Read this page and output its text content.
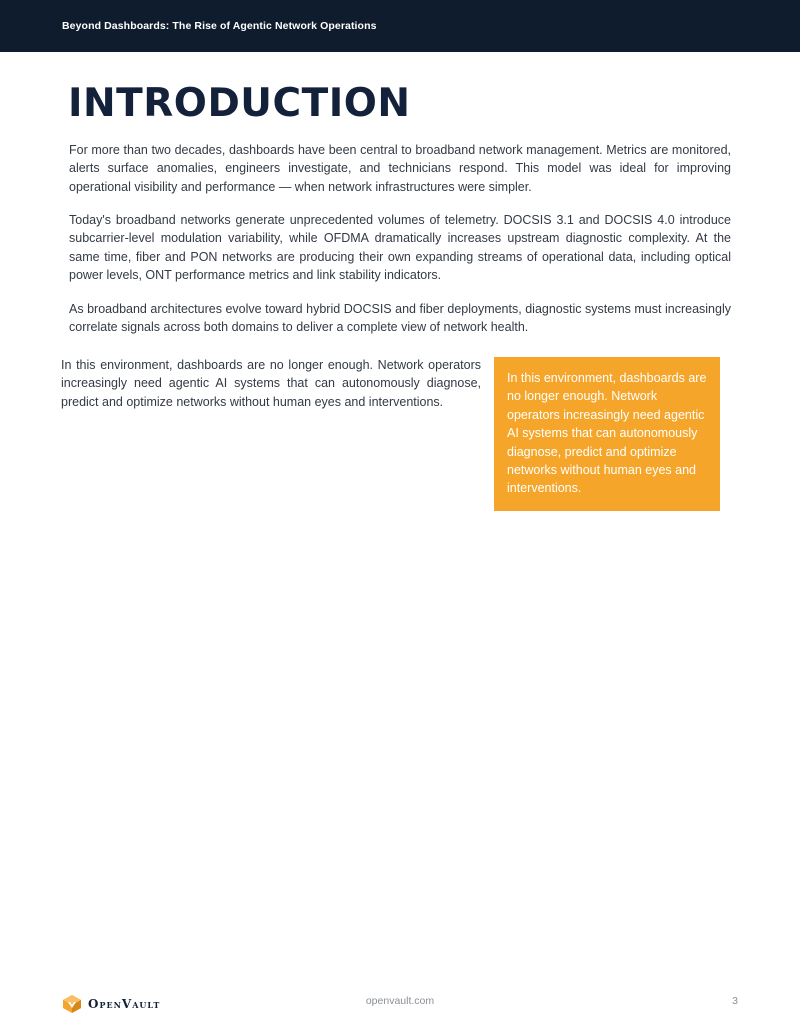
Beyond Dashboards: The Rise of Agentic Network Operations
INTRODUCTION

For more than two decades, dashboards have been central to broadband network management. Metrics are monitored, alerts surface anomalies, engineers investigate, and technicians respond. This model was ideal for improving operational visibility and performance — when network infrastructures were simpler.

Today's broadband networks generate unprecedented volumes of telemetry. DOCSIS 3.1 and DOCSIS 4.0 introduce subcarrier-level modulation variability, while OFDMA dramatically increases upstream diagnostic complexity. At the same time, fiber and PON networks are producing their own expanding streams of operational data, including optical power levels, ONT performance metrics and link stability indicators.

As broadband architectures evolve toward hybrid DOCSIS and fiber deployments, diagnostic systems must increasingly correlate signals across both domains to deliver a complete view of network health.

In this environment, dashboards are no longer enough. Network operators increasingly need agentic AI systems that can autonomously diagnose, predict and optimize networks without human eyes and interventions.

In this environment, dashboards are no longer enough. Network operators increasingly need agentic AI systems that can autonomously diagnose, predict and optimize networks without human eyes and interventions.

OpenVault	openvault.com	3
